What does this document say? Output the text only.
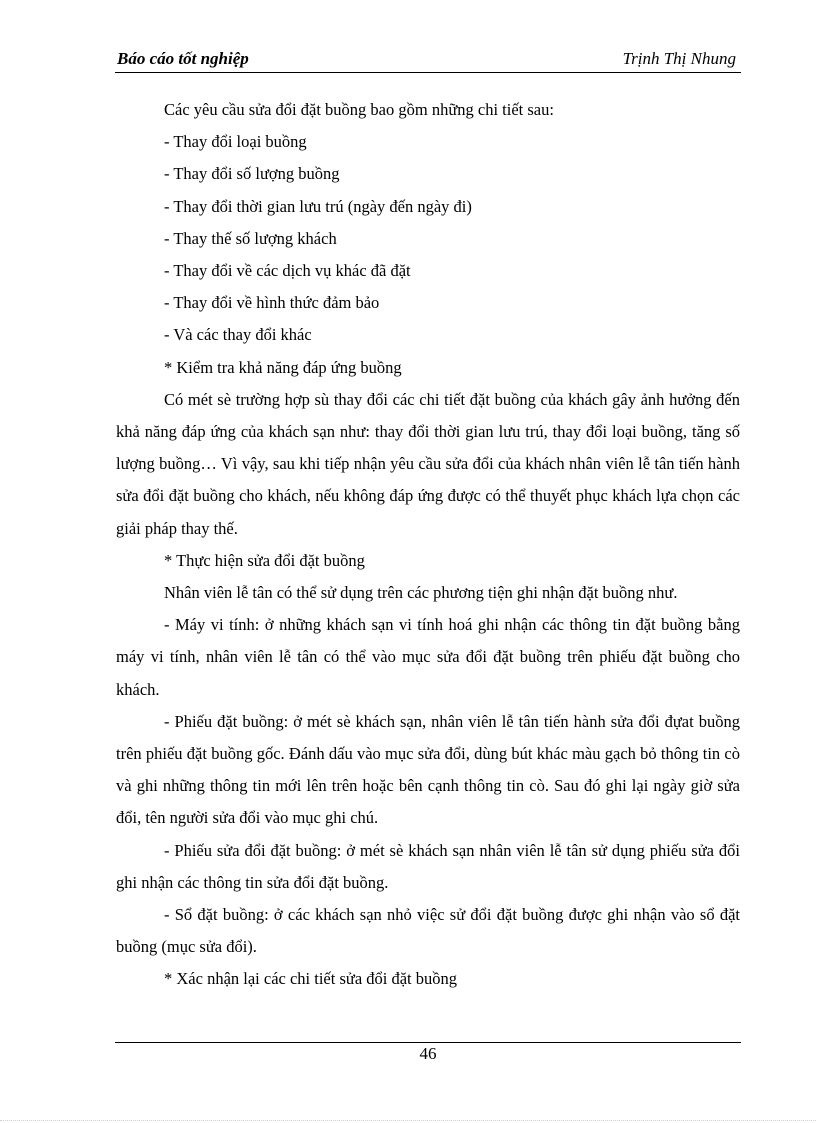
Báo cáo tốt nghiệp	Trịnh Thị Nhung

Các yêu cầu sửa đổi đặt buồng bao gồm những chi tiết sau:

- Thay đổi loại buồng

- Thay đổi số lượng buồng

- Thay đổi thời gian lưu trú (ngày đến ngày đi)

- Thay thế số lượng khách

- Thay đổi về các dịch vụ khác đã đặt

- Thay đổi về hình thức đảm bảo

- Và các thay đổi khác

* Kiểm tra khả năng đáp ứng buồng

Có mét sè trường hợp sù thay đổi các chi tiết đặt buồng của khách gây ảnh hưởng đến khả năng đáp ứng của khách sạn như: thay đổi thời gian lưu trú, thay đổi loại buồng, tăng số lượng buồng… Vì vậy, sau khi tiếp nhận yêu cầu sửa đổi của khách nhân viên lễ tân tiến hành sửa đổi đặt buồng cho khách, nếu không đáp ứng được có thể thuyết phục khách lựa chọn các giải pháp thay thế.

* Thực hiện sửa đổi đặt buồng

Nhân viên lễ tân có thể sử dụng trên các phương tiện ghi nhận đặt buồng như.

- Máy vi tính: ở những khách sạn vi tính hoá ghi nhận các thông tin đặt buồng bằng máy vi tính, nhân viên lễ tân có thể vào mục sửa đổi đặt buồng trên phiếu đặt buồng cho khách.

- Phiếu đặt buồng: ở mét sè khách sạn, nhân viên lễ tân tiến hành sửa đổi đựat buồng trên phiếu đặt buồng gốc. Đánh dấu vào mục sửa đổi, dùng bút khác màu gạch bỏ thông tin cò và ghi những thông tin mới lên trên hoặc bên cạnh thông tin cò. Sau đó ghi lại ngày giờ sửa đổi, tên người sửa đổi vào mục ghi chú.

- Phiếu sửa đổi đặt buồng: ở mét sè khách sạn nhân viên lễ tân sử dụng phiếu sửa đổi ghi nhận các thông tin sửa đổi đặt buồng.

- Sổ đặt buồng: ở các khách sạn nhỏ việc sử đổi đặt buồng được ghi nhận vào sổ đặt buồng (mục sửa đổi).

* Xác nhận lại các chi tiết sửa đổi đặt buồng

46
